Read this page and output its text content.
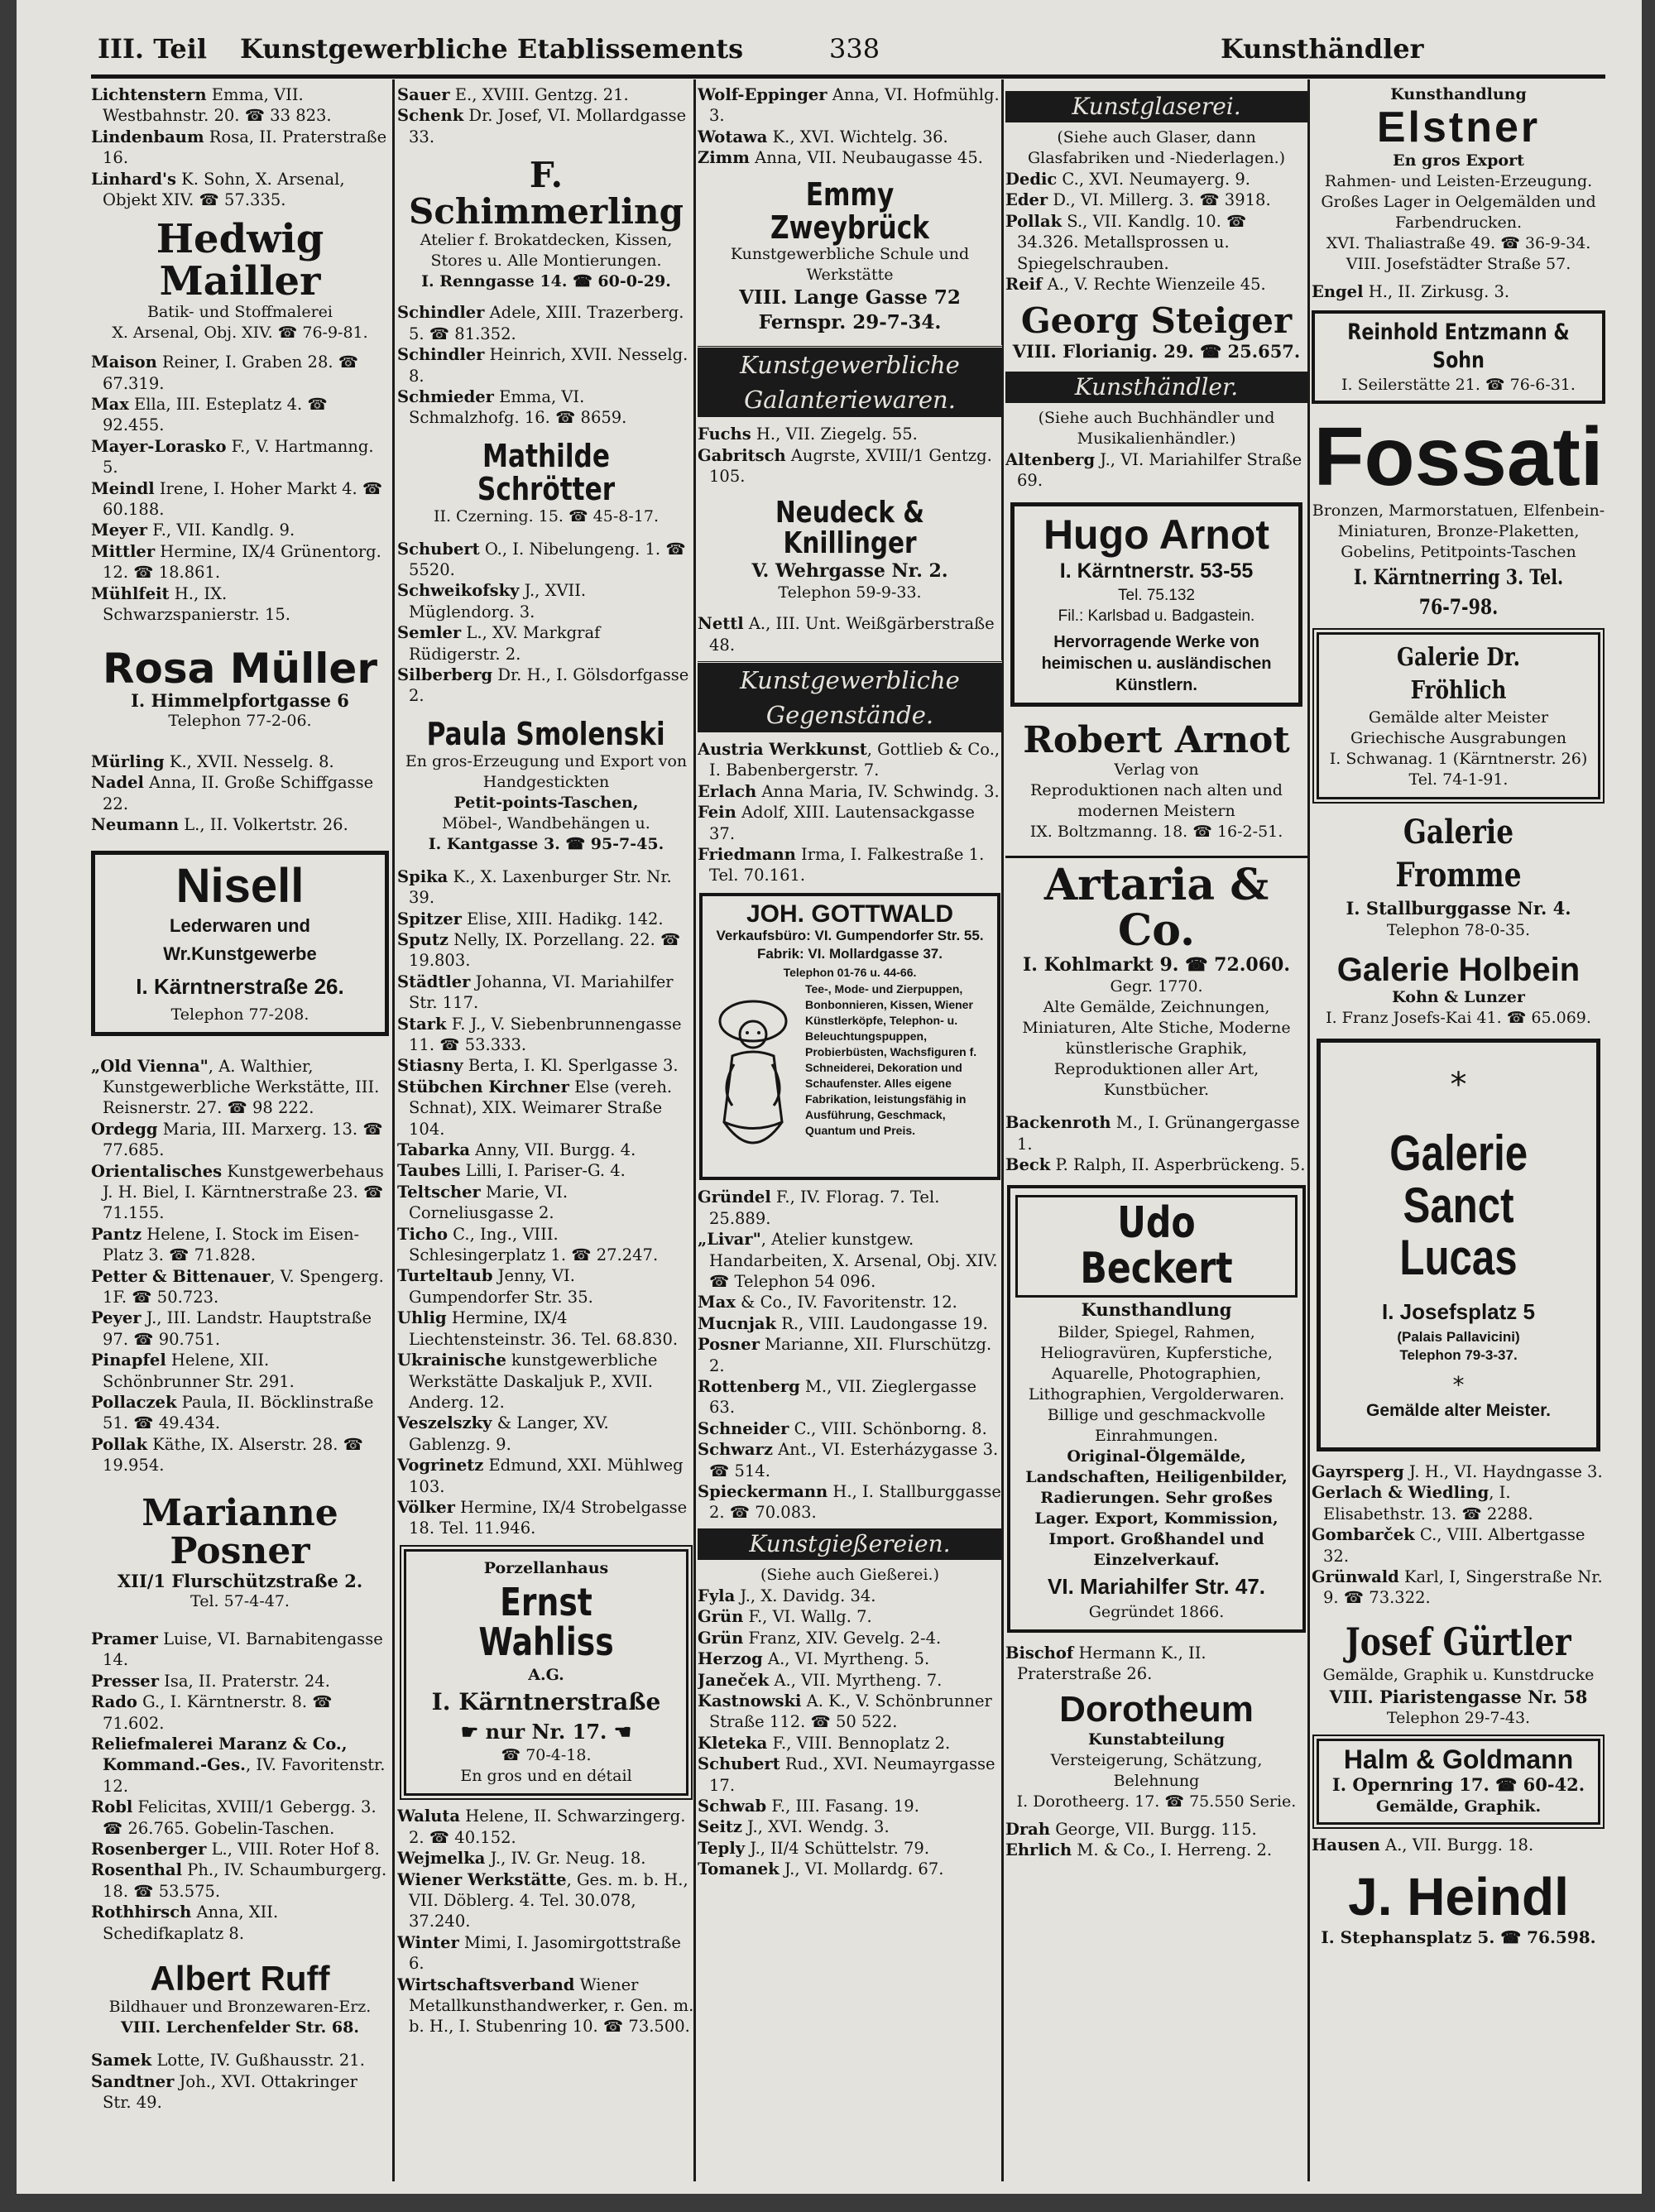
III. Teil Kunstgewerbliche Etablissements	338	Kunsthändler
Lichtenstern Emma, VII. Westbahnstr. 20. ☎ 33 823.
Lindenbaum Rosa, II. Praterstraße 16.
Linhard's K. Sohn, X. Arsenal, Objekt XIV. ☎ 57.335.
Hedwig Mailler
Batik- und Stoffmalerei
X. Arsenal, Obj. XIV. ☎ 76-9-81.
Maison Reiner, I. Graben 28. ☎ 67.319.
Max Ella, III. Esteplatz 4. ☎ 92.455.
Mayer-Lorasko F., V. Hartmanng. 5.
Meindl Irene, I. Hoher Markt 4. ☎ 60.188.
Meyer F., VII. Kandlg. 9.
Mittler Hermine, IX/4 Grünentorg. 12. ☎ 18.861.
Mühlfeit H., IX. Schwarzspanierstr. 15.
Rosa Müller
I. Himmelpfortgasse 6
Telephon 77-2-06.
Mürling K., XVII. Nesselg. 8.
Nadel Anna, II. Große Schiffgasse 22.
Neumann L., II. Volkertstr. 26.
Nisell
Lederwaren und
Wr.Kunstgewerbe
I. Kärntnerstraße 26.
Telephon 77-208.
„Old Vienna", A. Walthier, Kunstgewerbliche Werkstätte, III. Reisnerstr. 27. ☎ 98 222.
Ordegg Maria, III. Marxerg. 13. ☎ 77.685.
Orientalisches Kunstgewerbehaus J. H. Biel, I. Kärntnerstraße 23. ☎ 71.155.
Pantz Helene, I. Stock im Eisen-Platz 3. ☎ 71.828.
Petter & Bittenauer, V. Spengerg. 1F. ☎ 50.723.
Peyer J., III. Landstr. Hauptstraße 97. ☎ 90.751.
Pinapfel Helene, XII. Schönbrunner Str. 291.
Pollaczek Paula, II. Böcklinstraße 51. ☎ 49.434.
Pollak Käthe, IX. Alserstr. 28. ☎ 19.954.
Marianne Posner
XII/1 Flurschützstraße 2.
Tel. 57-4-47.
Pramer Luise, VI. Barnabitengasse 14.
Presser Isa, II. Praterstr. 24.
Rado G., I. Kärntnerstr. 8. ☎ 71.602.
Reliefmalerei Maranz & Co., Kommand.-Ges., IV. Favoritenstr. 12.
Robl Felicitas, XVIII/1 Gebergg. 3. ☎ 26.765. Gobelin-Taschen.
Rosenberger L., VIII. Roter Hof 8.
Rosenthal Ph., IV. Schaumburgerg. 18. ☎ 53.575.
Rothhirsch Anna, XII. Schedifkaplatz 8.
Albert Ruff
Bildhauer und Bronzewaren-Erz.
VIII. Lerchenfelder Str. 68.
Samek Lotte, IV. Gußhausstr. 21.
Sandtner Joh., XVI. Ottakringer Str. 49.
Sauer E., XVIII. Gentzg. 21.
Schenk Dr. Josef, VI. Mollardgasse 33.
F. Schimmerling
Atelier f. Brokatdecken, Kissen, Stores u. Alle Montierungen.
I. Renngasse 14. ☎ 60-0-29.
Schindler Adele, XIII. Trazerberg. 5. ☎ 81.352.
Schindler Heinrich, XVII. Nesselg. 8.
Schmieder Emma, VI. Schmalzhofg. 16. ☎ 8659.
Mathilde Schrötter
II. Czerning. 15. ☎ 45-8-17.
Schubert O., I. Nibelungeng. 1. ☎ 5520.
Schweikofsky J., XVII. Müglendorg. 3.
Semler L., XV. Markgraf Rüdigerstr. 2.
Silberberg Dr. H., I. Gölsdorfgasse 2.
Paula Smolenski
En gros-Erzeugung und Export von Handgestickten
Petit-points-Taschen,
Möbel-, Wandbehängen u.
I. Kantgasse 3. ☎ 95-7-45.
Spika K., X. Laxenburger Str. Nr. 39.
Spitzer Elise, XIII. Hadikg. 142.
Sputz Nelly, IX. Porzellang. 22. ☎ 19.803.
Städtler Johanna, VI. Mariahilfer Str. 117.
Stark F. J., V. Siebenbrunnengasse 11. ☎ 53.333.
Stiasny Berta, I. Kl. Sperlgasse 3.
Stübchen Kirchner Else (vereh. Schnat), XIX. Weimarer Straße 104.
Tabarka Anny, VII. Burgg. 4.
Taubes Lilli, I. Pariser-G. 4.
Teltscher Marie, VI. Corneliusgasse 2.
Ticho C., Ing., VIII. Schlesingerplatz 1. ☎ 27.247.
Turteltaub Jenny, VI. Gumpendorfer Str. 35.
Uhlig Hermine, IX/4 Liechtensteinstr. 36. Tel. 68.830.
Ukrainische kunstgewerbliche Werkstätte Daskaljuk P., XVII. Anderg. 12.
Veszelszky & Langer, XV. Gablenzg. 9.
Vogrinetz Edmund, XXI. Mühlweg 103.
Völker Hermine, IX/4 Strobelgasse 18. Tel. 11.946.
Porzellanhaus
Ernst Wahliss
A.G.
I. Kärntnerstraße
☛ nur Nr. 17. ☚
☎ 70-4-18.
En gros und en détail
Waluta Helene, II. Schwarzingerg. 2. ☎ 40.152.
Wejmelka J., IV. Gr. Neug. 18.
Wiener Werkstätte, Ges. m. b. H., VII. Döblerg. 4. Tel. 30.078, 37.240.
Winter Mimi, I. Jasomirgottstraße 6.
Wirtschaftsverband Wiener Metallkunsthandwerker, r. Gen. m. b. H., I. Stubenring 10. ☎ 73.500.
Wolf-Eppinger Anna, VI. Hofmühlg. 3.
Wotawa K., XVI. Wichtelg. 36.
Zimm Anna, VII. Neubaugasse 45.
Emmy Zweybrück
Kunstgewerbliche Schule und Werkstätte
VIII. Lange Gasse 72
Fernspr. 29-7-34.
Kunstgewerbliche Galanteriewaren.
Fuchs H., VII. Ziegelg. 55.
Gabritsch Augrste, XVIII/1 Gentzg. 105.
Neudeck & Knillinger
V. Wehrgasse Nr. 2.
Telephon 59-9-33.
Nettl A., III. Unt. Weißgärberstraße 48.
Kunstgewerbliche Gegenstände.
Austria Werkkunst, Gottlieb & Co., I. Babenbergerstr. 7.
Erlach Anna Maria, IV. Schwindg. 3.
Fein Adolf, XIII. Lautensackgasse 37.
Friedmann Irma, I. Falkestraße 1. Tel. 70.161.
JOH. GOTTWALD
Verkaufsbüro: VI. Gumpendorfer Str. 55.
Fabrik: VI. Mollardgasse 37.
Telephon 01-76 u. 44-66.
Tee-, Mode- und Zierpuppen, Bonbonnieren, Kissen, Wiener Künstlerköpfe, Telephon- u. Beleuchtungspuppen, Probierbüsten, Wachsfiguren f. Schneiderei, Dekoration und Schaufenster. Alles eigene Fabrikation, leistungsfähig in Ausführung, Geschmack, Quantum und Preis.
Gründel F., IV. Florag. 7. Tel. 25.889.
„Livar", Atelier kunstgew. Handarbeiten, X. Arsenal, Obj. XIV. ☎ Telephon 54 096.
Max & Co., IV. Favoritenstr. 12.
Mucnjak R., VIII. Laudongasse 19.
Posner Marianne, XII. Flurschützg. 2.
Rottenberg M., VII. Zieglergasse 63.
Schneider C., VIII. Schönborng. 8.
Schwarz Ant., VI. Esterházygasse 3. ☎ 514.
Spieckermann H., I. Stallburggasse 2. ☎ 70.083.
Kunstgießereien.
(Siehe auch Gießerei.)
Fyla J., X. Davidg. 34.
Grün F., VI. Wallg. 7.
Grün Franz, XIV. Gevelg. 2-4.
Herzog A., VI. Myrtheng. 5.
Janeček A., VII. Myrtheng. 7.
Kastnowski A. K., V. Schönbrunner Straße 112. ☎ 50 522.
Kleteka F., VIII. Bennoplatz 2.
Schubert Rud., XVI. Neumayrgasse 17.
Schwab F., III. Fasang. 19.
Seitz J., XVI. Wendg. 3.
Teply J., II/4 Schüttelstr. 79.
Tomanek J., VI. Mollardg. 67.
Kunstglaserei.
(Siehe auch Glaser, dann Glasfabriken und -Niederlagen.)
Dedic C., XVI. Neumayerg. 9.
Eder D., VI. Millerg. 3. ☎ 3918.
Pollak S., VII. Kandlg. 10. ☎ 34.326. Metallsprossen u. Spiegelschrauben.
Reif A., V. Rechte Wienzeile 45.
Georg Steiger
VIII. Florianig. 29. ☎ 25.657.
Kunsthändler.
(Siehe auch Buchhändler und Musikalienhändler.)
Altenberg J., VI. Mariahilfer Straße 69.
Hugo Arnot
I. Kärntnerstr. 53-55
Tel. 75.132
Fil.: Karlsbad u. Badgastein.
Hervorragende Werke von heimischen u. ausländischen Künstlern.
Robert Arnot
Verlag von
Reproduktionen nach alten und modernen Meistern
IX. Boltzmanng. 18. ☎ 16-2-51.
Artaria & Co.
I. Kohlmarkt 9. ☎ 72.060.
Gegr. 1770.
Alte Gemälde, Zeichnungen, Miniaturen, Alte Stiche, Moderne künstlerische Graphik, Reproduktionen aller Art, Kunstbücher.
Backenroth M., I. Grünangergasse 1.
Beck P. Ralph, II. Asperbrückeng. 5.
Udo Beckert
Kunsthandlung
Bilder, Spiegel, Rahmen, Heliogravüren, Kupferstiche, Aquarelle, Photographien, Lithographien, Vergolderwaren. Billige und geschmackvolle Einrahmungen.
Original-Ölgemälde, Landschaften, Heiligenbilder, Radierungen. Sehr großes Lager. Export, Kommission, Import. Großhandel und Einzelverkauf.
VI. Mariahilfer Str. 47.
Gegründet 1866.
Bischof Hermann K., II. Praterstraße 26.
Dorotheum
Kunstabteilung
Versteigerung, Schätzung, Belehnung
I. Dorotheerg. 17. ☎ 75.550 Serie.
Drah George, VII. Burgg. 115.
Ehrlich M. & Co., I. Herreng. 2.
Kunsthandlung
Elstner
En gros Export
Rahmen- und Leisten-Erzeugung. Großes Lager in Oelgemälden und Farbendrucken.
XVI. Thaliastraße 49. ☎ 36-9-34.
VIII. Josefstädter Straße 57.
Engel H., II. Zirkusg. 3.
Reinhold Entzmann & Sohn
I. Seilerstätte 21. ☎ 76-6-31.
Fossati
Bronzen, Marmorstatuen, Elfenbein-Miniaturen, Bronze-Plaketten, Gobelins, Petitpoints-Taschen
I. Kärntnerring 3. Tel. 76-7-98.
Galerie Dr. Fröhlich
Gemälde alter Meister
Griechische Ausgrabungen
I. Schwanag. 1 (Kärntnerstr. 26)
Tel. 74-1-91.
Galerie Fromme
I. Stallburggasse Nr. 4.
Telephon 78-0-35.
Galerie Holbein
Kohn & Lunzer
I. Franz Josefs-Kai 41. ☎ 65.069.
*
Galerie
Sanct Lucas
I. Josefsplatz 5
(Palais Pallavicini)
Telephon 79-3-37.
*
Gemälde alter Meister.
Gayrsperg J. H., VI. Haydngasse 3.
Gerlach & Wiedling, I. Elisabethstr. 13. ☎ 2288.
Gombarček C., VIII. Albertgasse 32.
Grünwald Karl, I, Singerstraße Nr. 9. ☎ 73.322.
Josef Gürtler
Gemälde, Graphik u. Kunstdrucke
VIII. Piaristengasse Nr. 58
Telephon 29-7-43.
Halm & Goldmann
I. Opernring 17. ☎ 60-42.
Gemälde, Graphik.
Hausen A., VII. Burgg. 18.
J. Heindl
I. Stephansplatz 5. ☎ 76.598.
